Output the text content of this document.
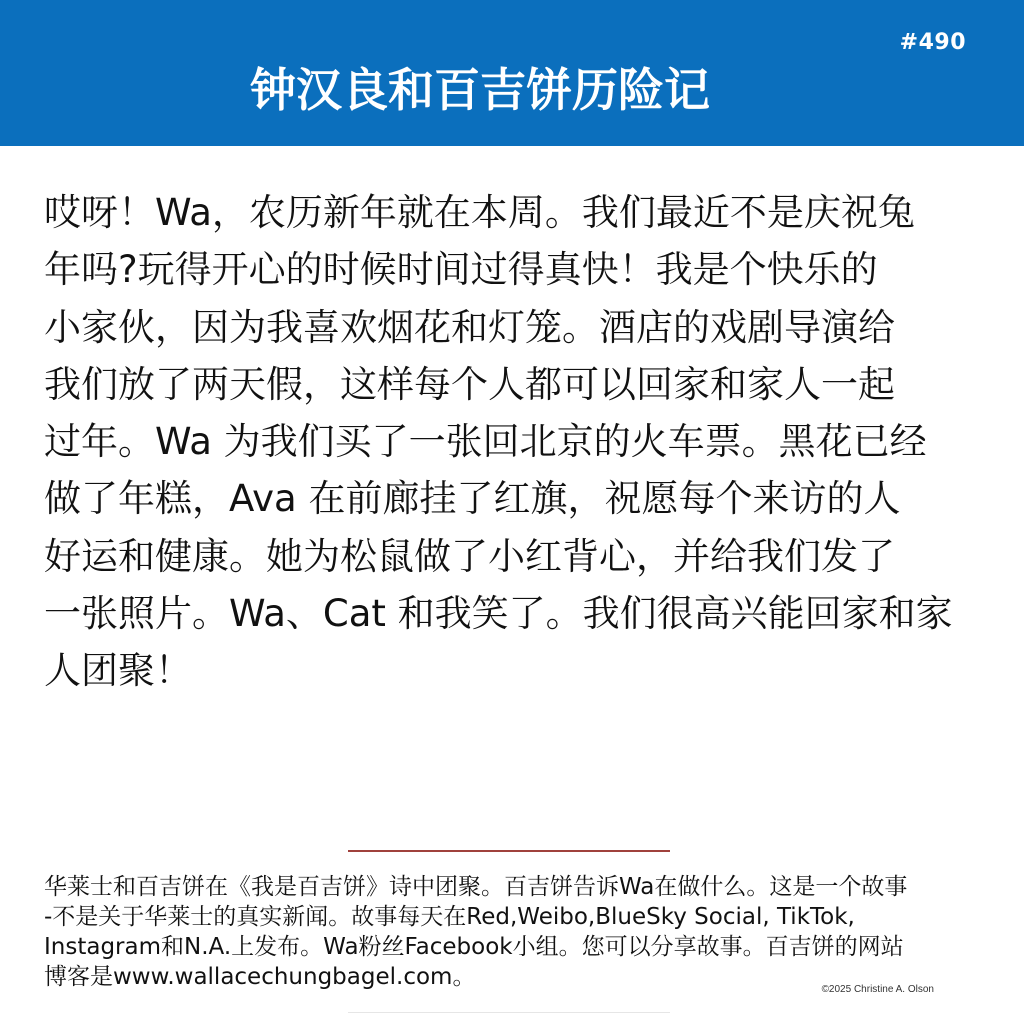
#490
钟汉良和百吉饼历险记
哎呀！Wa，农历新年就在本周。我们最近不是庆祝兔
年吗?玩得开心的时候时间过得真快！我是个快乐的
小家伙，因为我喜欢烟花和灯笼。酒店的戏剧导演给
我们放了两天假，这样每个人都可以回家和家人一起
过年。Wa 为我们买了一张回北京的火车票。黑花已经
做了年糕，Ava 在前廊挂了红旗，祝愿每个来访的人
好运和健康。她为松鼠做了小红背心，并给我们发了
一张照片。Wa、Cat 和我笑了。我们很高兴能回家和家
人团聚！
华莱士和百吉饼在《我是百吉饼》诗中团聚。百吉饼告诉Wa在做什么。这是一个故事
-不是关于华莱士的真实新闻。故事每天在Red,Weibo,BlueSky Social, TikTok,
Instagram和N.A.上发布。Wa粉丝Facebook小组。您可以分享故事。百吉饼的网站
博客是www.wallacechungbagel.com。	©2025 Christine A. Olson
